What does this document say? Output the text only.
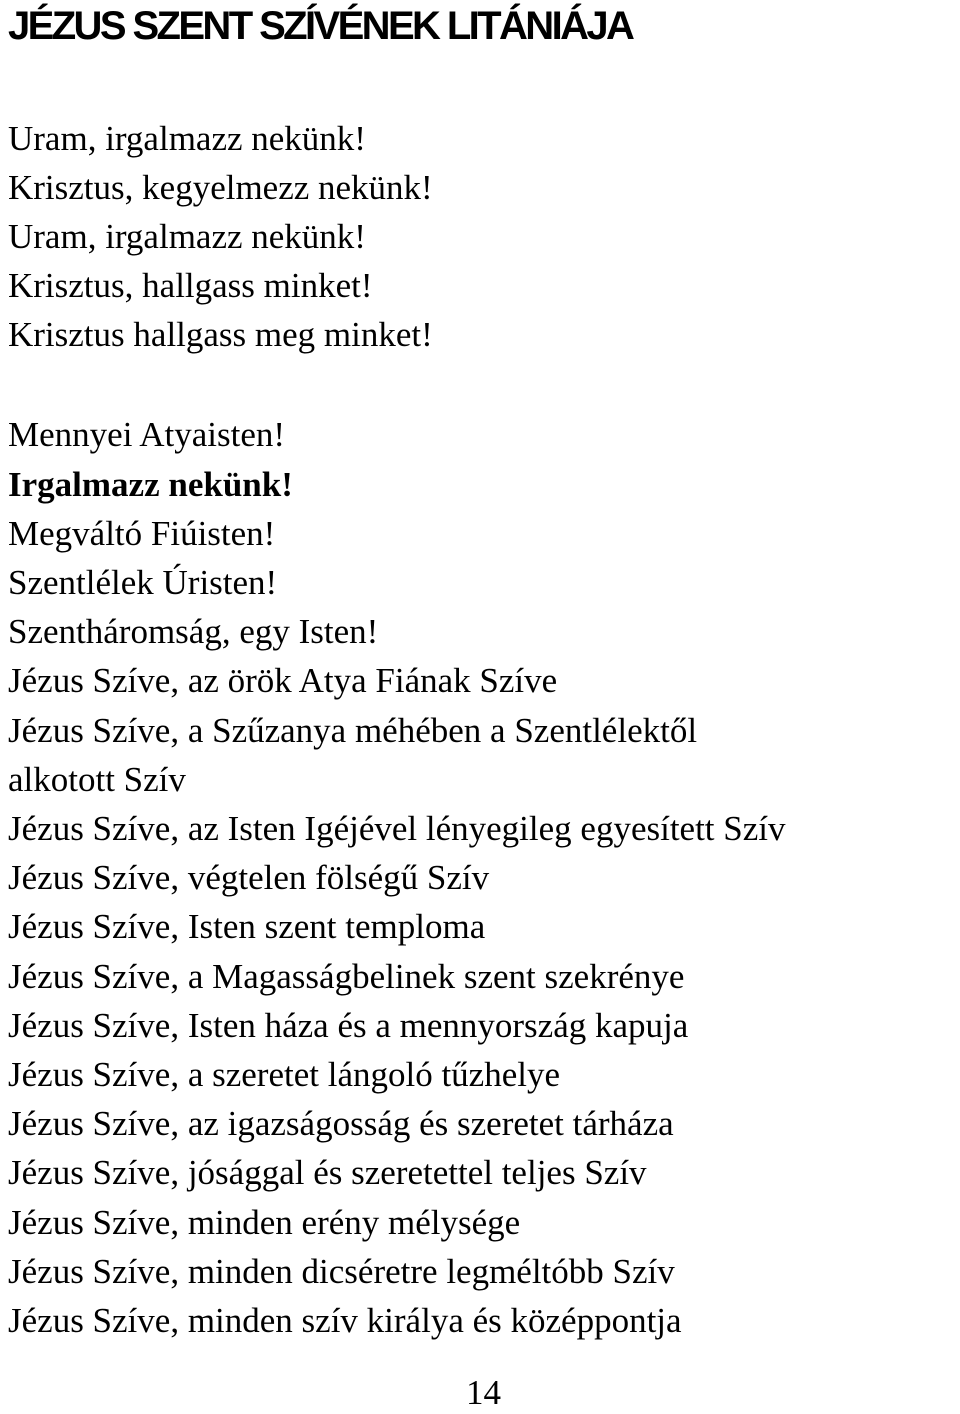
JÉZUS SZENT SZÍVÉNEK LITÁNIÁJA
Uram, irgalmazz nekünk!
Krisztus, kegyelmezz nekünk!
Uram, irgalmazz nekünk!
Krisztus, hallgass minket!
Krisztus hallgass meg minket!
Mennyei Atyaisten!
Irgalmazz nekünk!
Megváltó Fiúisten!
Szentlélek Úristen!
Szentháromság, egy Isten!
Jézus Szíve, az örök Atya Fiának Szíve
Jézus Szíve, a Szűzanya méhében a Szentlélektől
alkotott Szív
Jézus Szíve, az Isten Igéjével lényegileg egyesített Szív
Jézus Szíve, végtelen fölségű Szív
Jézus Szíve, Isten szent temploma
Jézus Szíve, a Magasságbelinek szent szekrénye
Jézus Szíve, Isten háza és a mennyország kapuja
Jézus Szíve, a szeretet lángoló tűzhelye
Jézus Szíve, az igazságosság és szeretet tárháza
Jézus Szíve, jósággal és szeretettel teljes Szív
Jézus Szíve, minden erény mélysége
Jézus Szíve, minden dicséretre legméltóbb Szív
Jézus Szíve, minden szív királya és középpontja
14
